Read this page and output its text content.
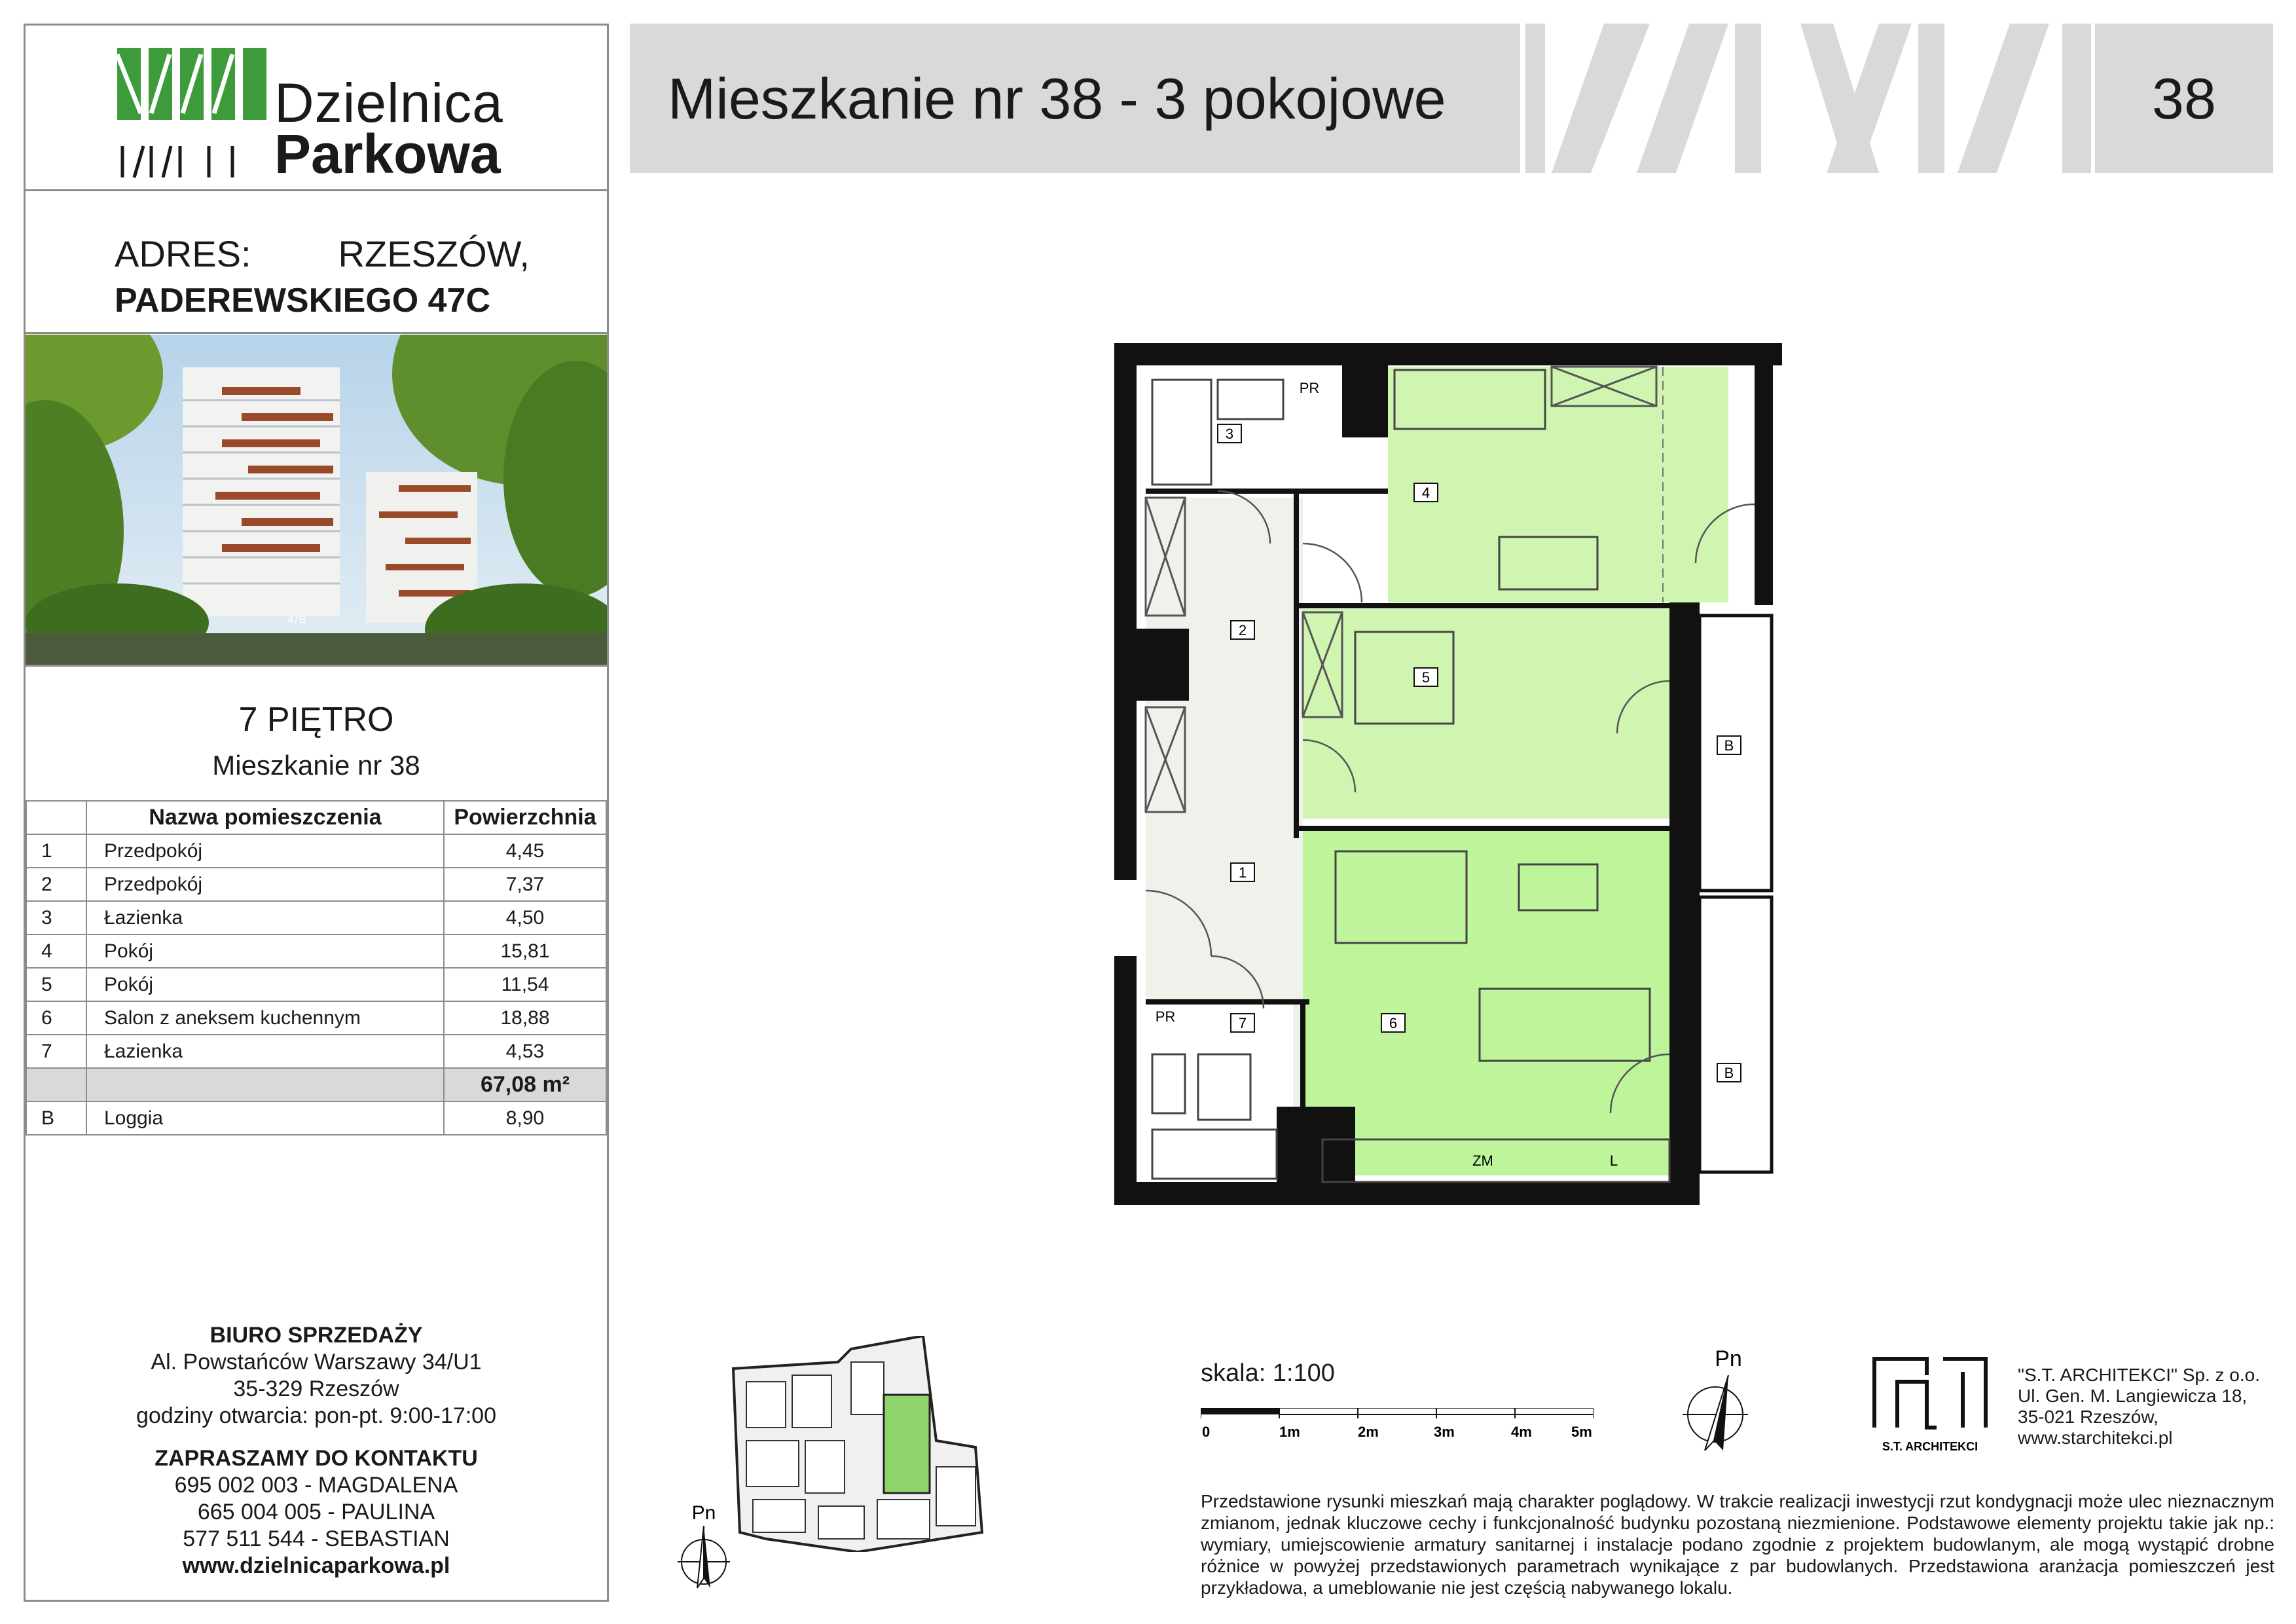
Dzielnica
Parkowa
ADRES: RZESZÓW,
PADEREWSKIEGO 47C
47B
7 PIĘTRO
Mieszkanie nr 38
	Nazwa pomieszczenia	Powierzchnia
1	Przedpokój	4,45
2	Przedpokój	7,37
3	Łazienka	4,50
4	Pokój	15,81
5	Pokój	11,54
6	Salon z aneksem kuchennym	18,88
7	Łazienka	4,53
		67,08 m²
B	Loggia	8,90
BIURO SPRZEDAŻY
Al. Powstańców Warszawy 34/U1
35-329 Rzeszów
godziny otwarcia: pon-pt. 9:00-17:00
ZAPRASZAMY DO KONTAKTU
695 002 003 - MAGDALENA
665 004 005 - PAULINA
577 511 544 - SEBASTIAN
www.dzielnicaparkowa.pl
Mieszkanie nr 38 - 3 pokojowe	38
4
3
2
5
1
6
7
B
B
PR
PR
ZM	L
Pn
skala: 1:100
0	1m	2m	3m	4m	5m
Pn
S.T. ARCHITEKCI
"S.T. ARCHITEKCI" Sp. z o.o.
Ul. Gen. M. Langiewicza 18,
35-021 Rzeszów,
www.starchitekci.pl
Przedstawione rysunki mieszkań mają charakter poglądowy. W trakcie realizacji inwestycji rzut kondygnacji może ulec nieznacznym zmianom, jednak kluczowe cechy i funkcjonalność budynku pozostaną niezmienione. Podstawowe elementy projektu takie jak np.: wymiary, umiejscowienie armatury sanitarnej i instalacje podano zgodnie z projektem budowlanym, ale mogą wystąpić drobne różnice w powyżej przedstawionych parametrach wynikające z par budowlanych. Przedstawiona aranżacja pomieszczeń jest przykładowa, a umeblowanie nie jest częścią nabywanego lokalu.
